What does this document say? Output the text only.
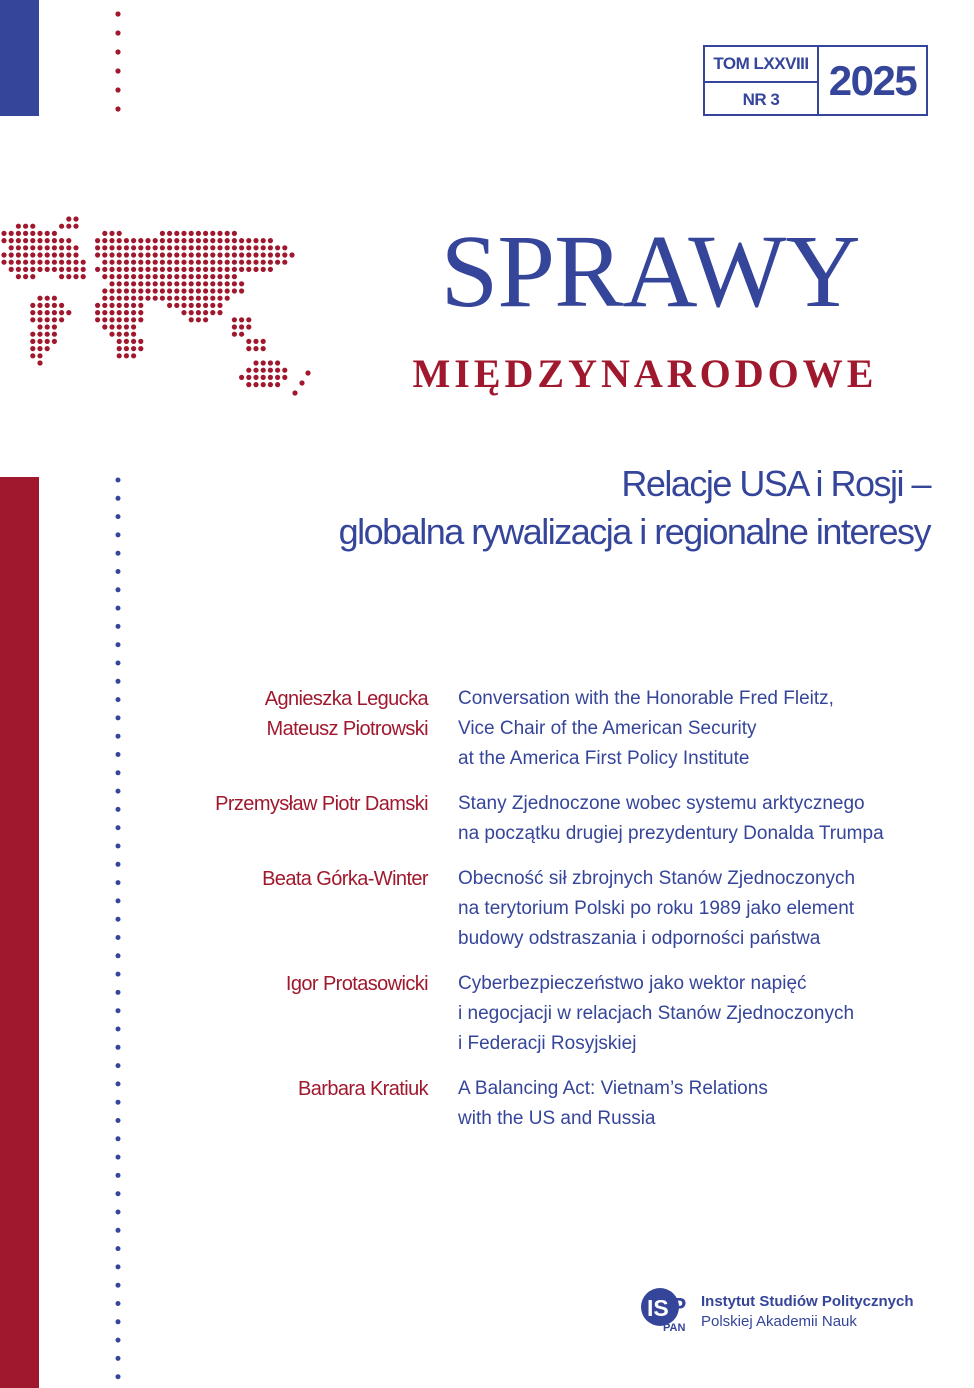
TOM LXXVIII
NR 3	2025
SPRAWY
MIĘDZYNARODOWE
Relacje USA i Rosji –
globalna rywalizacja i regionalne interesy
Agnieszka Legucka
Mateusz Piotrowski
Conversation with the Honorable Fred Fleitz,
Vice Chair of the American Security
at the America First Policy Institute
Przemysław Piotr Damski Stany Zjednoczone wobec systemu arktycznego
na początku drugiej prezydentury Donalda Trumpa
Beata Górka-Winter Obecność sił zbrojnych Stanów Zjednoczonych
na terytorium Polski po roku 1989 jako element
budowy odstraszania i odporności państwa
Igor Protasowicki Cyberbezpieczeństwo jako wektor napięć
i negocjacji w relacjach Stanów Zjednoczonych
i Federacji Rosyjskiej
Barbara Kratiuk A Balancing Act: Vietnam’s Relations
with the US and Russia
IS P
PAN
Instytut Studiów Politycznych
Polskiej Akademii Nauk
